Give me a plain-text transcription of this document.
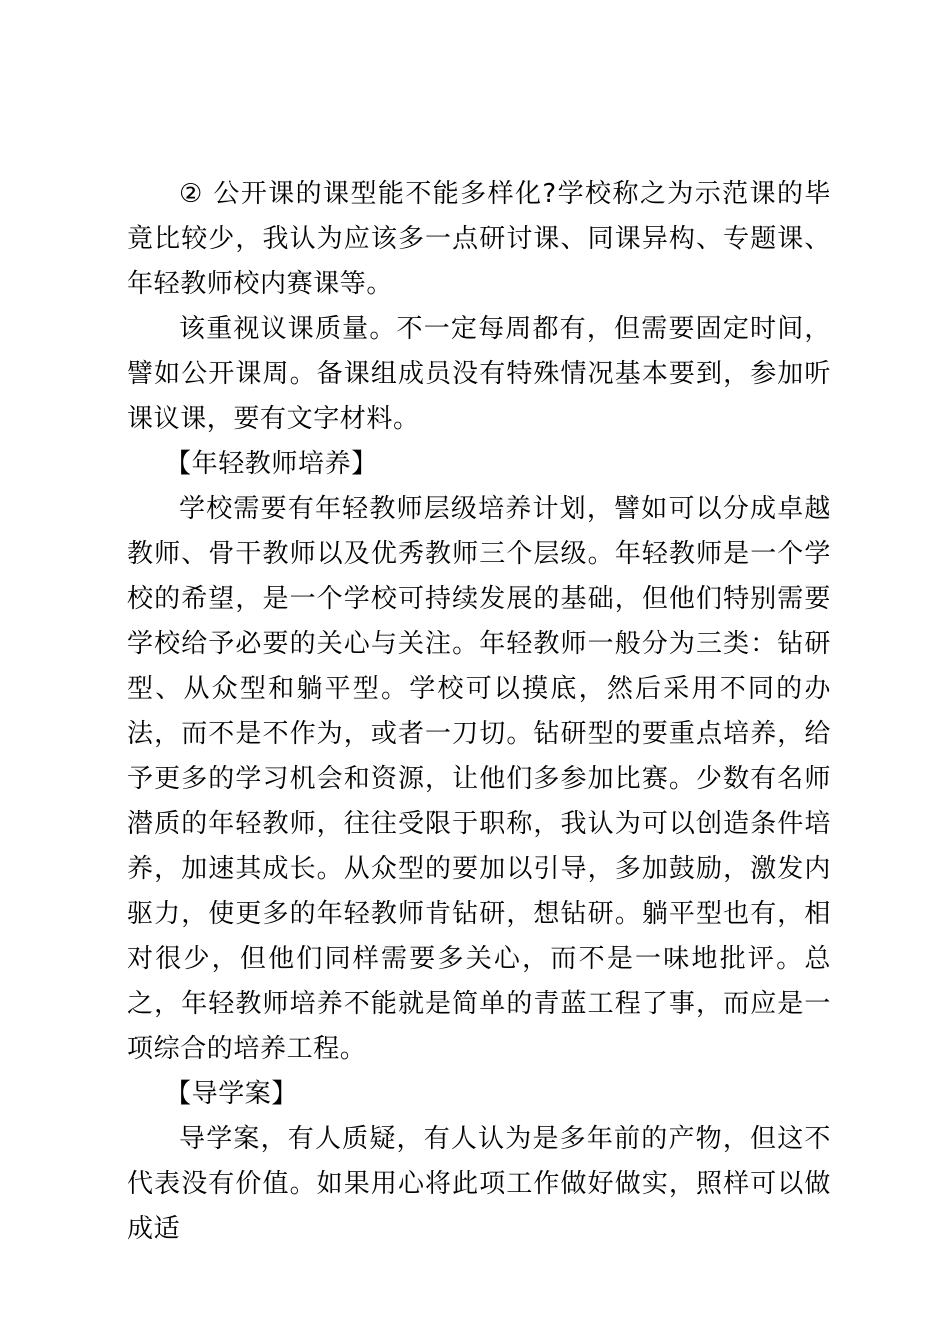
② 公开课的课型能不能多样化?学校称之为示范课的毕竟比较少，我认为应该多一点研讨课、同课异构、专题课、年轻教师校内赛课等。

该重视议课质量。不一定每周都有，但需要固定时间，譬如公开课周。备课组成员没有特殊情况基本要到，参加听课议课，要有文字材料。

【年轻教师培养】

学校需要有年轻教师层级培养计划，譬如可以分成卓越教师、骨干教师以及优秀教师三个层级。年轻教师是一个学校的希望，是一个学校可持续发展的基础，但他们特别需要学校给予必要的关心与关注。年轻教师一般分为三类：钻研型、从众型和躺平型。学校可以摸底，然后采用不同的办法，而不是不作为，或者一刀切。钻研型的要重点培养，给予更多的学习机会和资源，让他们多参加比赛。少数有名师潜质的年轻教师，往往受限于职称，我认为可以创造条件培养，加速其成长。从众型的要加以引导，多加鼓励，激发内驱力，使更多的年轻教师肯钻研，想钻研。躺平型也有，相对很少，但他们同样需要多关心，而不是一味地批评。总之，年轻教师培养不能就是简单的青蓝工程了事，而应是一项综合的培养工程。

【导学案】

导学案，有人质疑，有人认为是多年前的产物，但这不代表没有价值。如果用心将此项工作做好做实，照样可以做成适
